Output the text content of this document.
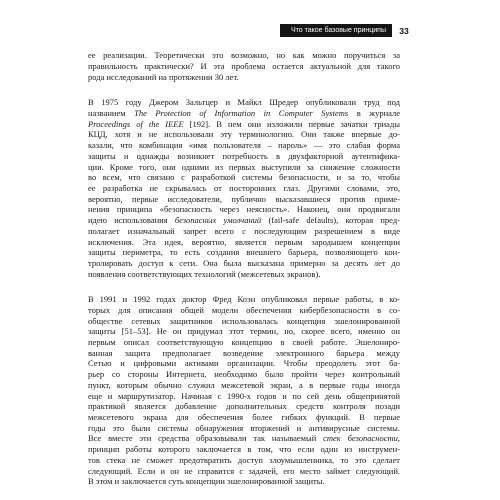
Что такое базовые принципы	33
ее реализации. Теоретически это возможно, но как можно поручиться за
правильность практически? И эта проблема остается актуальной для такого
рода исследований на протяжении 30 лет.
В 1975 году Джером Зальтцер и Майкл Шредер опубликовали труд под
названием The Protection of Information in Computer Systems в журнале
Proceedings of the IEEE [192]. В нем они изложили первые зачатки триады
КЦД, хотя и не использовали эту терминологию. Они также впервые до-
казали, что комбинация «имя пользователя – пароль» — это слабая форма
защиты и однажды возникнет потребность в двухфакторной аутентифика-
ции. Кроме того, они одними из первых выступили за снижение сложности
во всем, что связано с разработкой системы безопасности, и за то, чтобы
ее разработка не скрывалась от посторонних глаз. Другими словами, это,
вероятно, первые исследователи, публично высказавшиеся против приме-
нения принципа «безопасность через неясность». Наконец, они продвигали
идею использования безопасных умолчаний (fail-safe defaults), которая пред-
полагает изначальный запрет всего с последующим разрешением в виде
исключения. Эта идея, вероятно, является первым зародышем концепции
защиты периметра, то есть создания внешнего барьера, позволяющего кон-
тролировать доступ к сети. Она была высказана примерно за десять лет до
появления соответствующих технологий (межсетевых экранов).
В 1991 и 1992 годах доктор Фред Коэн опубликовал первые работы, в ко-
торых для описания общей модели обеспечения кибербезопасности в со-
обществе сетевых защитников использовалась концепция эшелонированной
защиты [51–53]. Не он придумал этот термин, но, скорее всего, именно он
первым описал соответствующую концепцию в своей работе. Эшелониро-
ванная защита предполагает возведение электронного барьера между
Сетью и цифровыми активами организации. Чтобы преодолеть этот ба-
рьер со стороны Интернета, необходимо было пройти через контрольный
пункт, которым обычно служил межсетевой экран, а в первые годы иногда
еще и маршрутизатор. Начиная с 1990-х годов и по сей день общепринятой
практикой является добавление дополнительных средств контроля позади
межсетевого экрана для обеспечения более гибких функций. В первые
годы это были системы обнаружения вторжений и антивирусные системы.
Все вместе эти средства образовывали так называемый стек безопасности,
принцип работы которого заключается в том, что если один из инструмен-
тов стека не сможет предотвратить доступ злоумышленника, то это сделает
следующий. Если и он не справится с задачей, его место займет следующий.
В этом и заключается суть концепции эшелонированной защиты.
